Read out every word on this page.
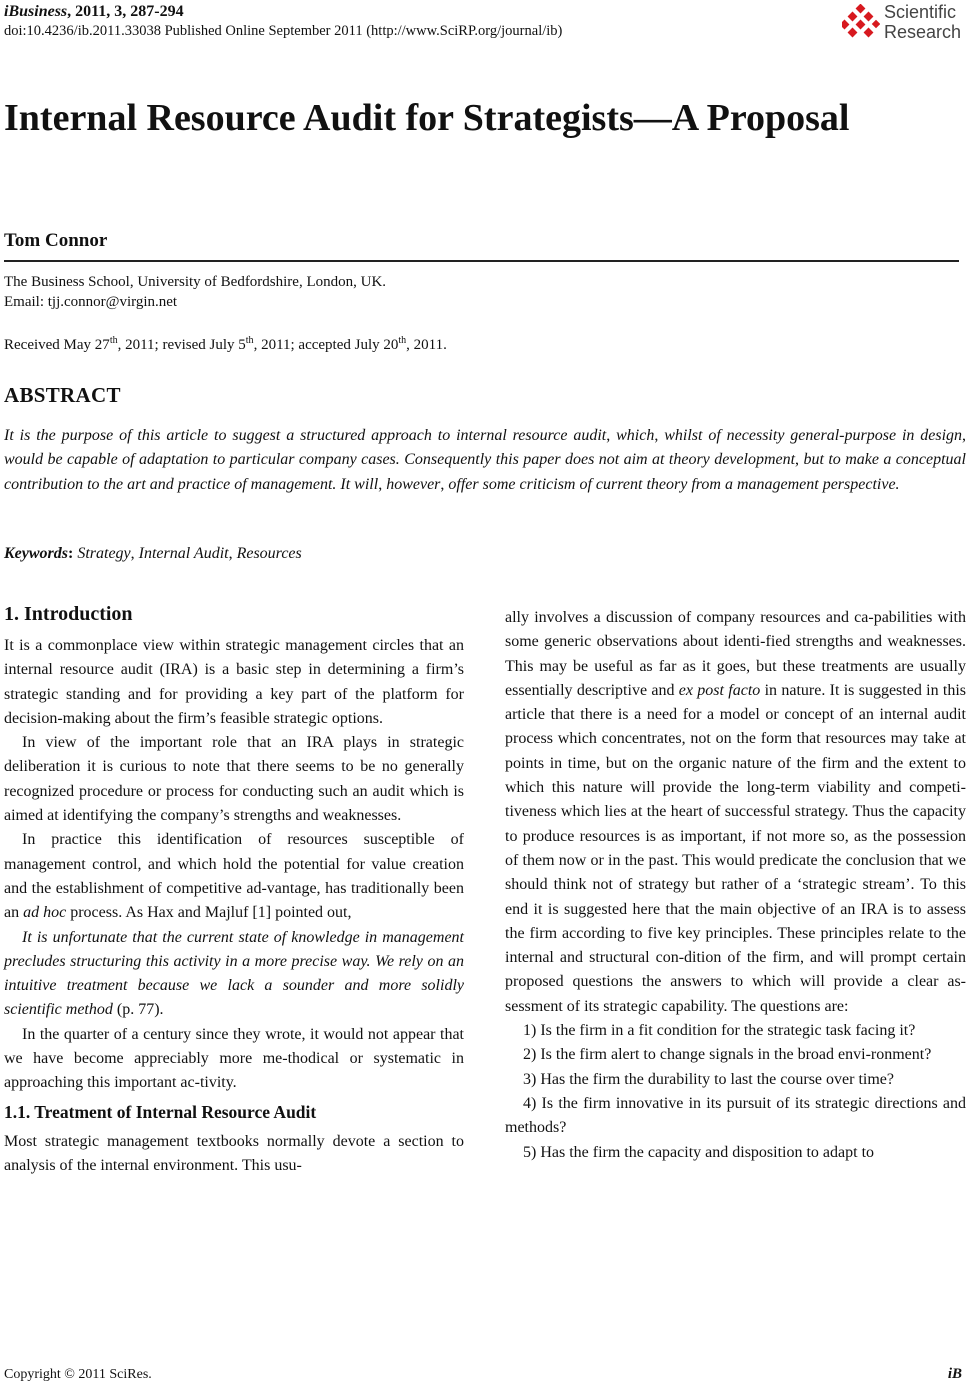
iBusiness, 2011, 3, 287-294
doi:10.4236/ib.2011.33038 Published Online September 2011 (http://www.SciRP.org/journal/ib)
Scientific
Research
Internal Resource Audit for Strategists—A Proposal
Tom Connor
The Business School, University of Bedfordshire, London, UK.
Email: tjj.connor@virgin.net
Received May 27th, 2011; revised July 5th, 2011; accepted July 20th, 2011.
ABSTRACT
It is the purpose of this article to suggest a structured approach to internal resource audit, which, whilst of necessity general-purpose in design, would be capable of adaptation to particular company cases. Consequently this paper does not aim at theory development, but to make a conceptual contribution to the art and practice of management. It will, however, offer some criticism of current theory from a management perspective.
Keywords: Strategy, Internal Audit, Resources
1. Introduction

It is a commonplace view within strategic management circles that an internal resource audit (IRA) is a basic step in determining a firm’s strategic standing and for providing a key part of the platform for decision-making about the firm’s feasible strategic options.

In view of the important role that an IRA plays in strategic deliberation it is curious to note that there seems to be no generally recognized procedure or process for conducting such an audit which is aimed at identifying the company’s strengths and weaknesses.

In practice this identification of resources susceptible of management control, and which hold the potential for value creation and the establishment of competitive ad-vantage, has traditionally been an ad hoc process. As Hax and Majluf [1] pointed out,

It is unfortunate that the current state of knowledge in management precludes structuring this activity in a more precise way. We rely on an intuitive treatment because we lack a sounder and more solidly scientific method (p. 77).

In the quarter of a century since they wrote, it would not appear that we have become appreciably more me-thodical or systematic in approaching this important ac-tivity.

1.1. Treatment of Internal Resource Audit

Most strategic management textbooks normally devote a section to analysis of the internal environment. This usu-

ally involves a discussion of company resources and ca-pabilities with some generic observations about identi-fied strengths and weaknesses. This may be useful as far as it goes, but these treatments are usually essentially descriptive and ex post facto in nature. It is suggested in this article that there is a need for a model or concept of an internal audit process which concentrates, not on the form that resources may take at points in time, but on the organic nature of the firm and the extent to which this nature will provide the long-term viability and competi-tiveness which lies at the heart of successful strategy. Thus the capacity to produce resources is as important, if not more so, as the possession of them now or in the past. This would predicate the conclusion that we should think not of strategy but rather of a ‘strategic stream’. To this end it is suggested here that the main objective of an IRA is to assess the firm according to five key principles. These principles relate to the internal and structural con-dition of the firm, and will prompt certain proposed questions the answers to which will provide a clear as-sessment of its strategic capability. The questions are:

1) Is the firm in a fit condition for the strategic task facing it?

2) Is the firm alert to change signals in the broad envi-ronment?

3) Has the firm the durability to last the course over time?

4) Is the firm innovative in its pursuit of its strategic directions and methods?

5) Has the firm the capacity and disposition to adapt to

Copyright © 2011 SciRes.	iB
